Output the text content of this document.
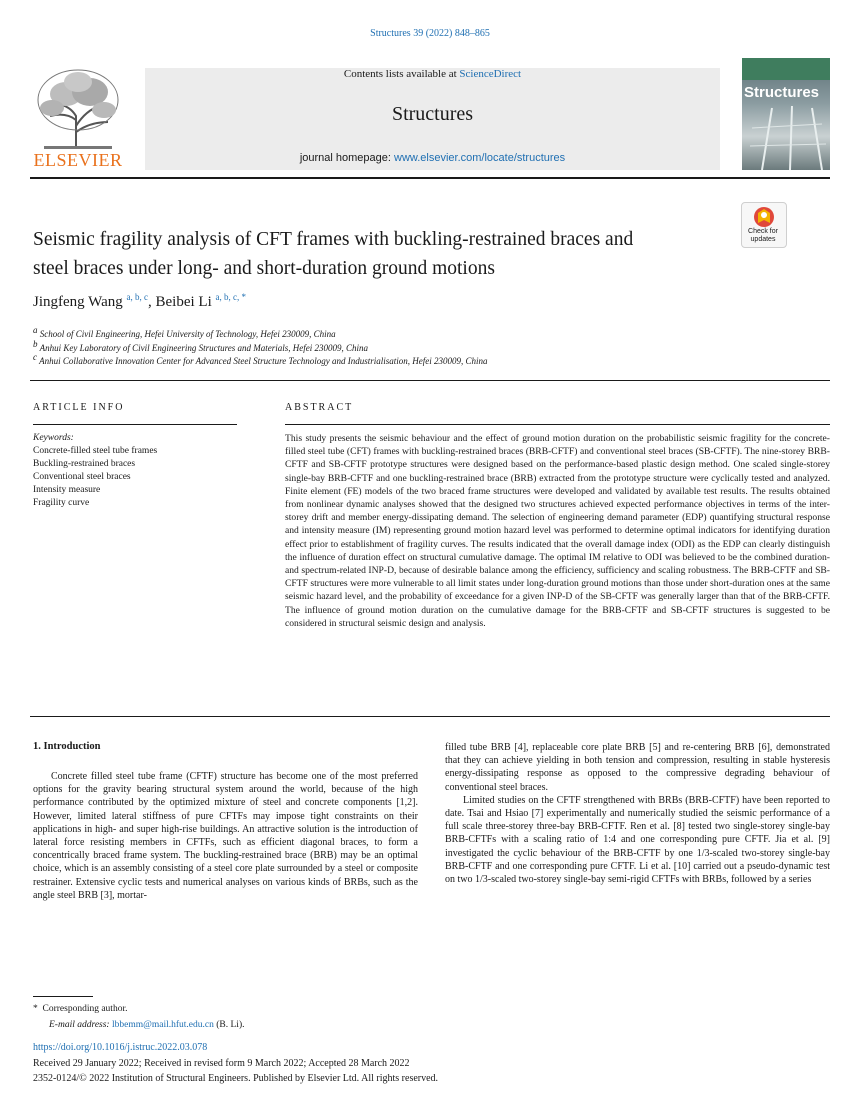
Structures 39 (2022) 848–865
ELSEVIER
Contents lists available at ScienceDirect
Structures
journal homepage: www.elsevier.com/locate/structures
Structures
Seismic fragility analysis of CFT frames with buckling-restrained braces and
steel braces under long- and short-duration ground motions
Check for updates
Jingfeng Wang $^{a, b, c}$, Beibei Li $^{a, b, c, *}$
$^a$ School of Civil Engineering, Hefei University of Technology, Hefei 230009, China
$^b$ Anhui Key Laboratory of Civil Engineering Structures and Materials, Hefei 230009, China
$^c$ Anhui Collaborative Innovation Center for Advanced Steel Structure Technology and Industrialisation, Hefei 230009, China
ARTICLE INFO	ABSTRACT
Keywords:
Concrete-filled steel tube frames
Buckling-restrained braces
Conventional steel braces
Intensity measure
Fragility curve
This study presents the seismic behaviour and the effect of ground motion duration on the probabilistic seismic fragility for the concrete-filled steel tube (CFT) frames with buckling-restrained braces (BRB-CFTF) and conventional steel braces (SB-CFTF). The nine-storey BRB-CFTF and SB-CFTF prototype structures were designed based on the performance-based plastic design method. One scaled single-storey single-bay BRB-CFTF and one buckling-restrained brace (BRB) extracted from the prototype structure were cyclically tested and analyzed. Finite element (FE) models of the two braced frame structures were developed and validated by available test results. The results obtained from nonlinear dynamic analyses showed that the designed two structures achieved expected performance objectives in terms of the inter-storey drift and member energy-dissipating demand. The selection of engineering demand parameter (EDP) quantifying structural response and intensity measure (IM) representing ground motion hazard level was performed to determine optimal indicators for identifying duration effect prior to establishment of fragility curves. The results indicated that the overall damage index (ODI) as the EDP can clearly distinguish the influence of duration effect on structural cumulative damage. The optimal IM relative to ODI was believed to be the combined duration- and spectrum-related INP-D, because of desirable balance among the efficiency, sufficiency and scaling robustness. The BRB-CFTF and SB-CFTF structures were more vulnerable to all limit states under long-duration ground motions than those under short-duration ones at the same seismic hazard level, and the probability of exceedance for a given INP-D of the SB-CFTF was generally larger than that of the BRB-CFTF. The influence of ground motion duration on the cumulative damage for the BRB-CFTF and SB-CFTF structures is suggested to be considered in structural seismic design and analysis.
1. Introduction

Concrete filled steel tube frame (CFTF) structure has become one of the most preferred options for the gravity bearing structural system around the world, because of the high performance contributed by the optimized mixture of steel and concrete components [1,2]. However, limited lateral stiffness of pure CFTFs may impose tight constraints on their applications in high- and super high-rise buildings. An attractive solution is the introduction of lateral force resisting members in CFTFs, such as efficient diagonal braces, to form a concentrically braced frame system. The buckling-restrained brace (BRB) may be an optimal choice, which is an assembly consisting of a steel core plate surrounded by a steel or composite restrainer. Extensive cyclic tests and numerical analyses on various kinds of BRBs, such as the angle steel BRB [3], mortar-

filled tube BRB [4], replaceable core plate BRB [5] and re-centering BRB [6], demonstrated that they can achieve yielding in both tension and compression, resulting in stable hysteresis energy-dissipating response as opposed to the compressive degrading behaviour of conventional steel braces.

Limited studies on the CFTF strengthened with BRBs (BRB-CFTF) have been reported to date. Tsai and Hsiao [7] experimentally and numerically studied the seismic performance of a full scale three-storey three-bay BRB-CFTF. Ren et al. [8] tested two single-storey single-bay BRB-CFTFs with a scaling ratio of 1:4 and one corresponding pure CFTF. Jia et al. [9] investigated the cyclic behaviour of the BRB-CFTF by one 1/3-scaled two-storey single-bay BRB-CFTF and one corresponding pure CFTF. Li et al. [10] carried out a pseudo-dynamic test on two 1/3-scaled two-storey single-bay semi-rigid CFTFs with BRBs, followed by a series

* Corresponding author.
E-mail address: lbbemm@mail.hfut.edu.cn (B. Li).
https://doi.org/10.1016/j.istruc.2022.03.078
Received 29 January 2022; Received in revised form 9 March 2022; Accepted 28 March 2022
2352-0124/© 2022 Institution of Structural Engineers. Published by Elsevier Ltd. All rights reserved.
